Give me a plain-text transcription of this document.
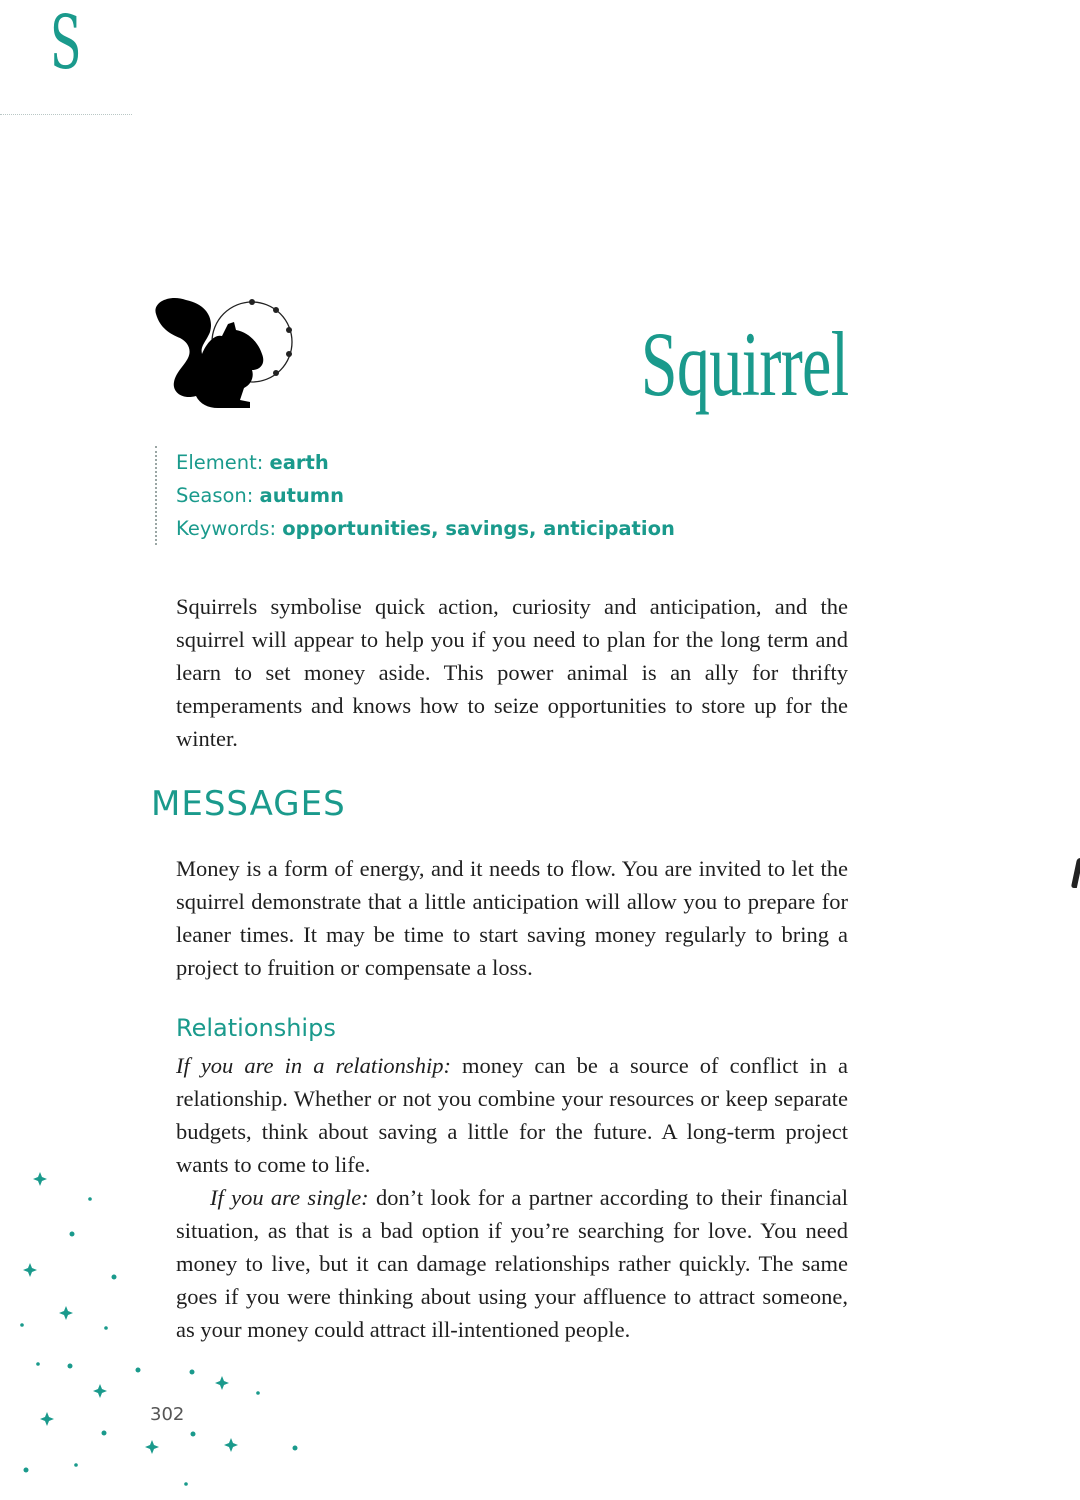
S
Squirrel
Element: earth
Season: autumn
Keywords: opportunities, savings, anticipation

Squirrels symbolise quick action, curiosity and anticipation, and the squirrel will appear to help you if you need to plan for the long term and learn to set money aside. This power animal is an ally for thrifty temperaments and knows how to seize opportunities to store up for the winter.

MESSAGES

Money is a form of energy, and it needs to flow. You are invited to let the squirrel demonstrate that a little anticipation will allow you to prepare for leaner times. It may be time to start saving money regularly to bring a project to fruition or compensate a loss.

Relationships

If you are in a relationship: money can be a source of conflict in a relationship. Whether or not you combine your resources or keep separate budgets, think about saving a little for the future. A long-term project wants to come to life.

If you are single: don’t look for a partner according to their financial situation, as that is a bad option if you’re searching for love. You need money to live, but it can damage relationships rather quickly. The same goes if you were thinking about using your affluence to attract someone, as your money could attract ill-intentioned people.

302
